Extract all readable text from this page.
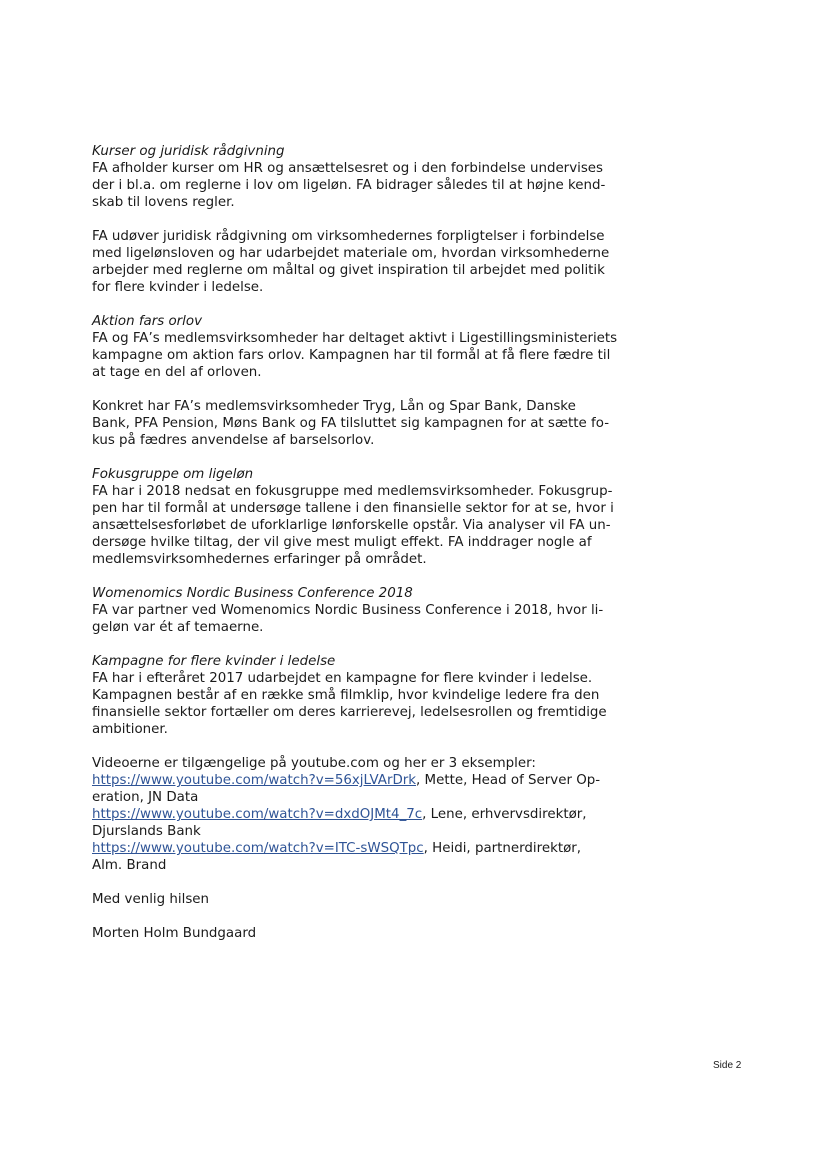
Kurser og juridisk rådgivning
FA afholder kurser om HR og ansættelsesret og i den forbindelse undervises
der i bl.a. om reglerne i lov om ligeløn. FA bidrager således til at højne kend-
skab til lovens regler.
FA udøver juridisk rådgivning om virksomhedernes forpligtelser i forbindelse
med ligelønsloven og har udarbejdet materiale om, hvordan virksomhederne
arbejder med reglerne om måltal og givet inspiration til arbejdet med politik
for flere kvinder i ledelse.
Aktion fars orlov
FA og FA’s medlemsvirksomheder har deltaget aktivt i Ligestillingsministeriets
kampagne om aktion fars orlov. Kampagnen har til formål at få flere fædre til
at tage en del af orloven.
Konkret har FA’s medlemsvirksomheder Tryg, Lån og Spar Bank, Danske
Bank, PFA Pension, Møns Bank og FA tilsluttet sig kampagnen for at sætte fo-
kus på fædres anvendelse af barselsorlov.
Fokusgruppe om ligeløn
FA har i 2018 nedsat en fokusgruppe med medlemsvirksomheder. Fokusgrup-
pen har til formål at undersøge tallene i den finansielle sektor for at se, hvor i
ansættelsesforløbet de uforklarlige lønforskelle opstår. Via analyser vil FA un-
dersøge hvilke tiltag, der vil give mest muligt effekt. FA inddrager nogle af
medlemsvirksomhedernes erfaringer på området.
Womenomics Nordic Business Conference 2018
FA var partner ved Womenomics Nordic Business Conference i 2018, hvor li-
geløn var ét af temaerne.
Kampagne for flere kvinder i ledelse
FA har i efteråret 2017 udarbejdet en kampagne for flere kvinder i ledelse.
Kampagnen består af en række små filmklip, hvor kvindelige ledere fra den
finansielle sektor fortæller om deres karrierevej, ledelsesrollen og fremtidige
ambitioner.
Videoerne er tilgængelige på youtube.com og her er 3 eksempler:
https://www.youtube.com/watch?v=56xjLVArDrk, Mette, Head of Server Op-
eration, JN Data
https://www.youtube.com/watch?v=dxdOJMt4_7c, Lene, erhvervsdirektør,
Djurslands Bank
https://www.youtube.com/watch?v=ITC-sWSQTpc, Heidi, partnerdirektør,
Alm. Brand
Med venlig hilsen
Morten Holm Bundgaard
Side 2
